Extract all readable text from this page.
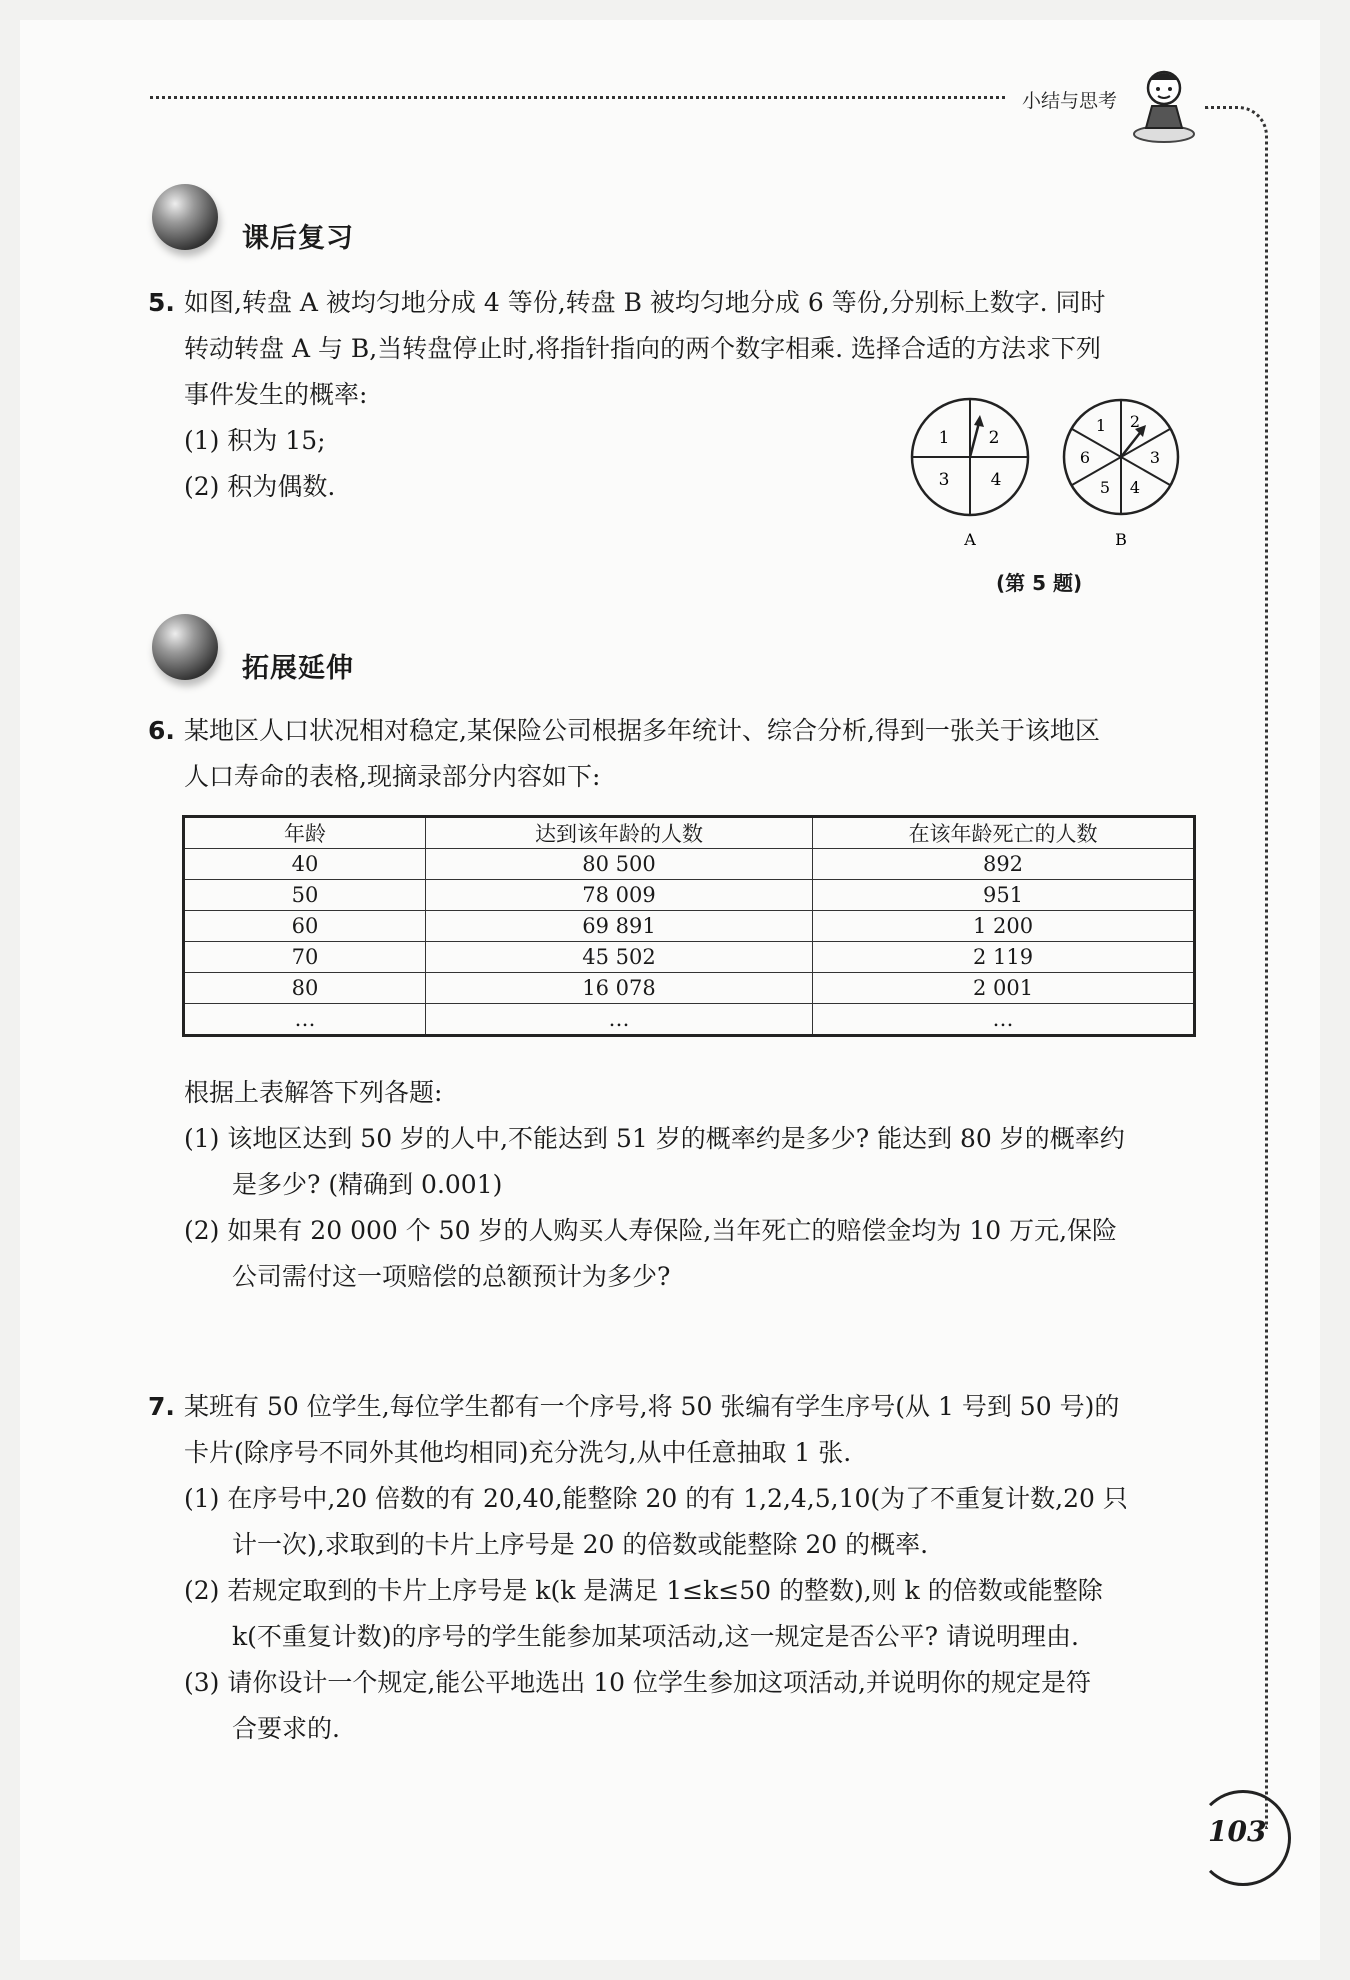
小结与思考
103
课后复习
5. 如图,转盘 A 被均匀地分成 4 等份,转盘 B 被均匀地分成 6 等份,分别标上数字. 同时
转动转盘 A 与 B,当转盘停止时,将指针指向的两个数字相乘. 选择合适的方法求下列
事件发生的概率:
(1) 积为 15;
(2) 积为偶数.
1 2
3 4
A
1 2
3
4
5
6
B
(第 5 题)
拓展延伸
6. 某地区人口状况相对稳定,某保险公司根据多年统计、综合分析,得到一张关于该地区
人口寿命的表格,现摘录部分内容如下:
年龄	达到该年龄的人数	在该年龄死亡的人数
40	80 500	892
50	78 009	951
60	69 891	1 200
70	45 502	2 119
80	16 078	2 001
…	…	…
根据上表解答下列各题:
(1) 该地区达到 50 岁的人中,不能达到 51 岁的概率约是多少? 能达到 80 岁的概率约
是多少? (精确到 0.001)
(2) 如果有 20 000 个 50 岁的人购买人寿保险,当年死亡的赔偿金均为 10 万元,保险
公司需付这一项赔偿的总额预计为多少?
7. 某班有 50 位学生,每位学生都有一个序号,将 50 张编有学生序号(从 1 号到 50 号)的
卡片(除序号不同外其他均相同)充分洗匀,从中任意抽取 1 张.
(1) 在序号中,20 倍数的有 20,40,能整除 20 的有 1,2,4,5,10(为了不重复计数,20 只
计一次),求取到的卡片上序号是 20 的倍数或能整除 20 的概率.
(2) 若规定取到的卡片上序号是 k(k 是满足 1≤k≤50 的整数),则 k 的倍数或能整除
k(不重复计数)的序号的学生能参加某项活动,这一规定是否公平? 请说明理由.
(3) 请你设计一个规定,能公平地选出 10 位学生参加这项活动,并说明你的规定是符
合要求的.
